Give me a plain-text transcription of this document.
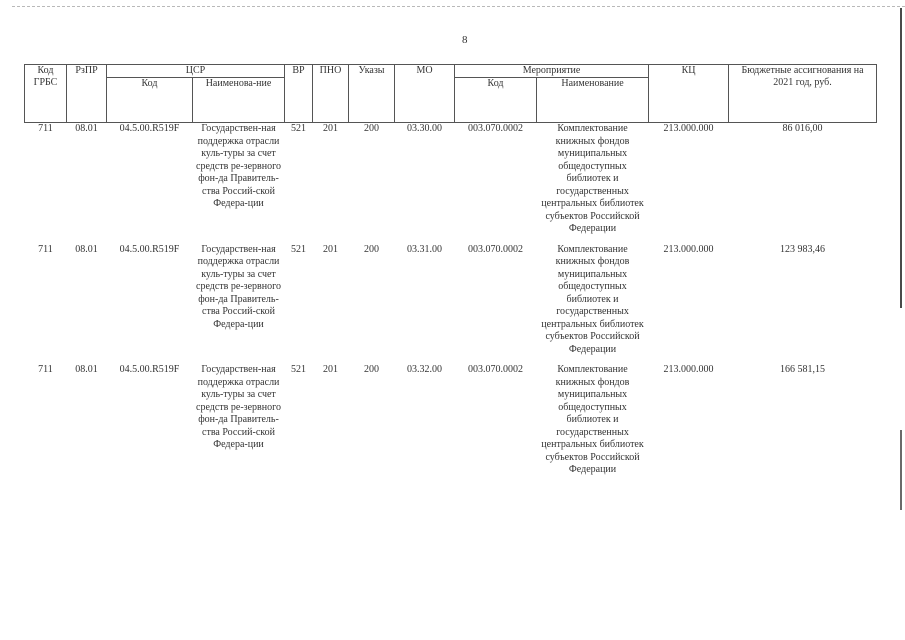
8
Код ГРБС	РзПР	ЦСР		ВР	ПНО	Указы	МО	Мероприятие		КЦ	Бюджетные ассигнования на 2021 год, руб.
		Код	Наименова-ние					Код	Наименование		
711	08.01	04.5.00.R519F	Государствен-ная поддержка отрасли куль-туры за счет средств ре-зервного фон-да Правитель-ства Россий-ской Федера-ции	521	201	200	03.30.00	003.070.0002	Комплектование книжных фондов муниципальных общедоступных библиотек и государственных центральных библиотек субъектов Российской Федерации	213.000.000	86 016,00

711	08.01	04.5.00.R519F	Государствен-ная поддержка отрасли куль-туры за счет средств ре-зервного фон-да Правитель-ства Россий-ской Федера-ции	521	201	200	03.31.00	003.070.0002	Комплектование книжных фондов муниципальных общедоступных библиотек и государственных центральных библиотек субъектов Российской Федерации	213.000.000	123 983,46

711	08.01	04.5.00.R519F	Государствен-ная поддержка отрасли куль-туры за счет средств ре-зервного фон-да Правитель-ства Россий-ской Федера-ции	521	201	200	03.32.00	003.070.0002	Комплектование книжных фондов муниципальных общедоступных библиотек и государственных центральных библиотек субъектов Российской Федерации	213.000.000	166 581,15
